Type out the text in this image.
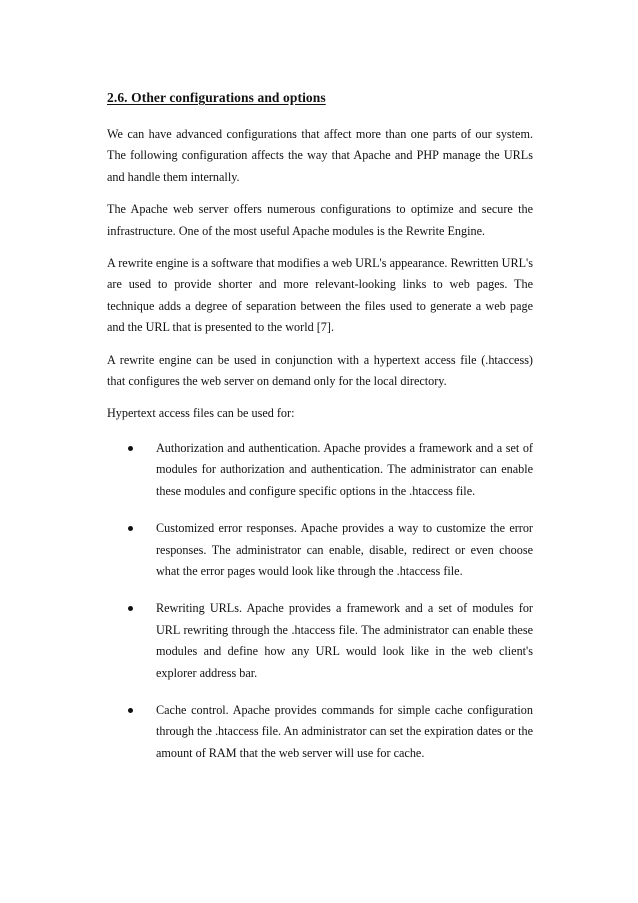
2.6. Other configurations and options

We can have advanced configurations that affect more than one parts of our system. The following configuration affects the way that Apache and PHP manage the URLs and handle them internally.

The Apache web server offers numerous configurations to optimize and secure the infrastructure. One of the most useful Apache modules is the Rewrite Engine.

A rewrite engine is a software that modifies a web URL's appearance. Rewritten URL's are used to provide shorter and more relevant-looking links to web pages. The technique adds a degree of separation between the files used to generate a web page and the URL that is presented to the world [7].

A rewrite engine can be used in conjunction with a hypertext access file (.htaccess) that configures the web server on demand only for the local directory.

Hypertext access files can be used for:

Authorization and authentication. Apache provides a framework and a set of modules for authorization and authentication. The administrator can enable these modules and configure specific options in the .htaccess file.
Customized error responses. Apache provides a way to customize the error responses. The administrator can enable, disable, redirect or even choose what the error pages would look like through the .htaccess file.
Rewriting URLs. Apache provides a framework and a set of modules for URL rewriting through the .htaccess file. The administrator can enable these modules and define how any URL would look like in the web client's explorer address bar.
Cache control. Apache provides commands for simple cache configuration through the .htaccess file. An administrator can set the expiration dates or the amount of RAM that the web server will use for cache.
